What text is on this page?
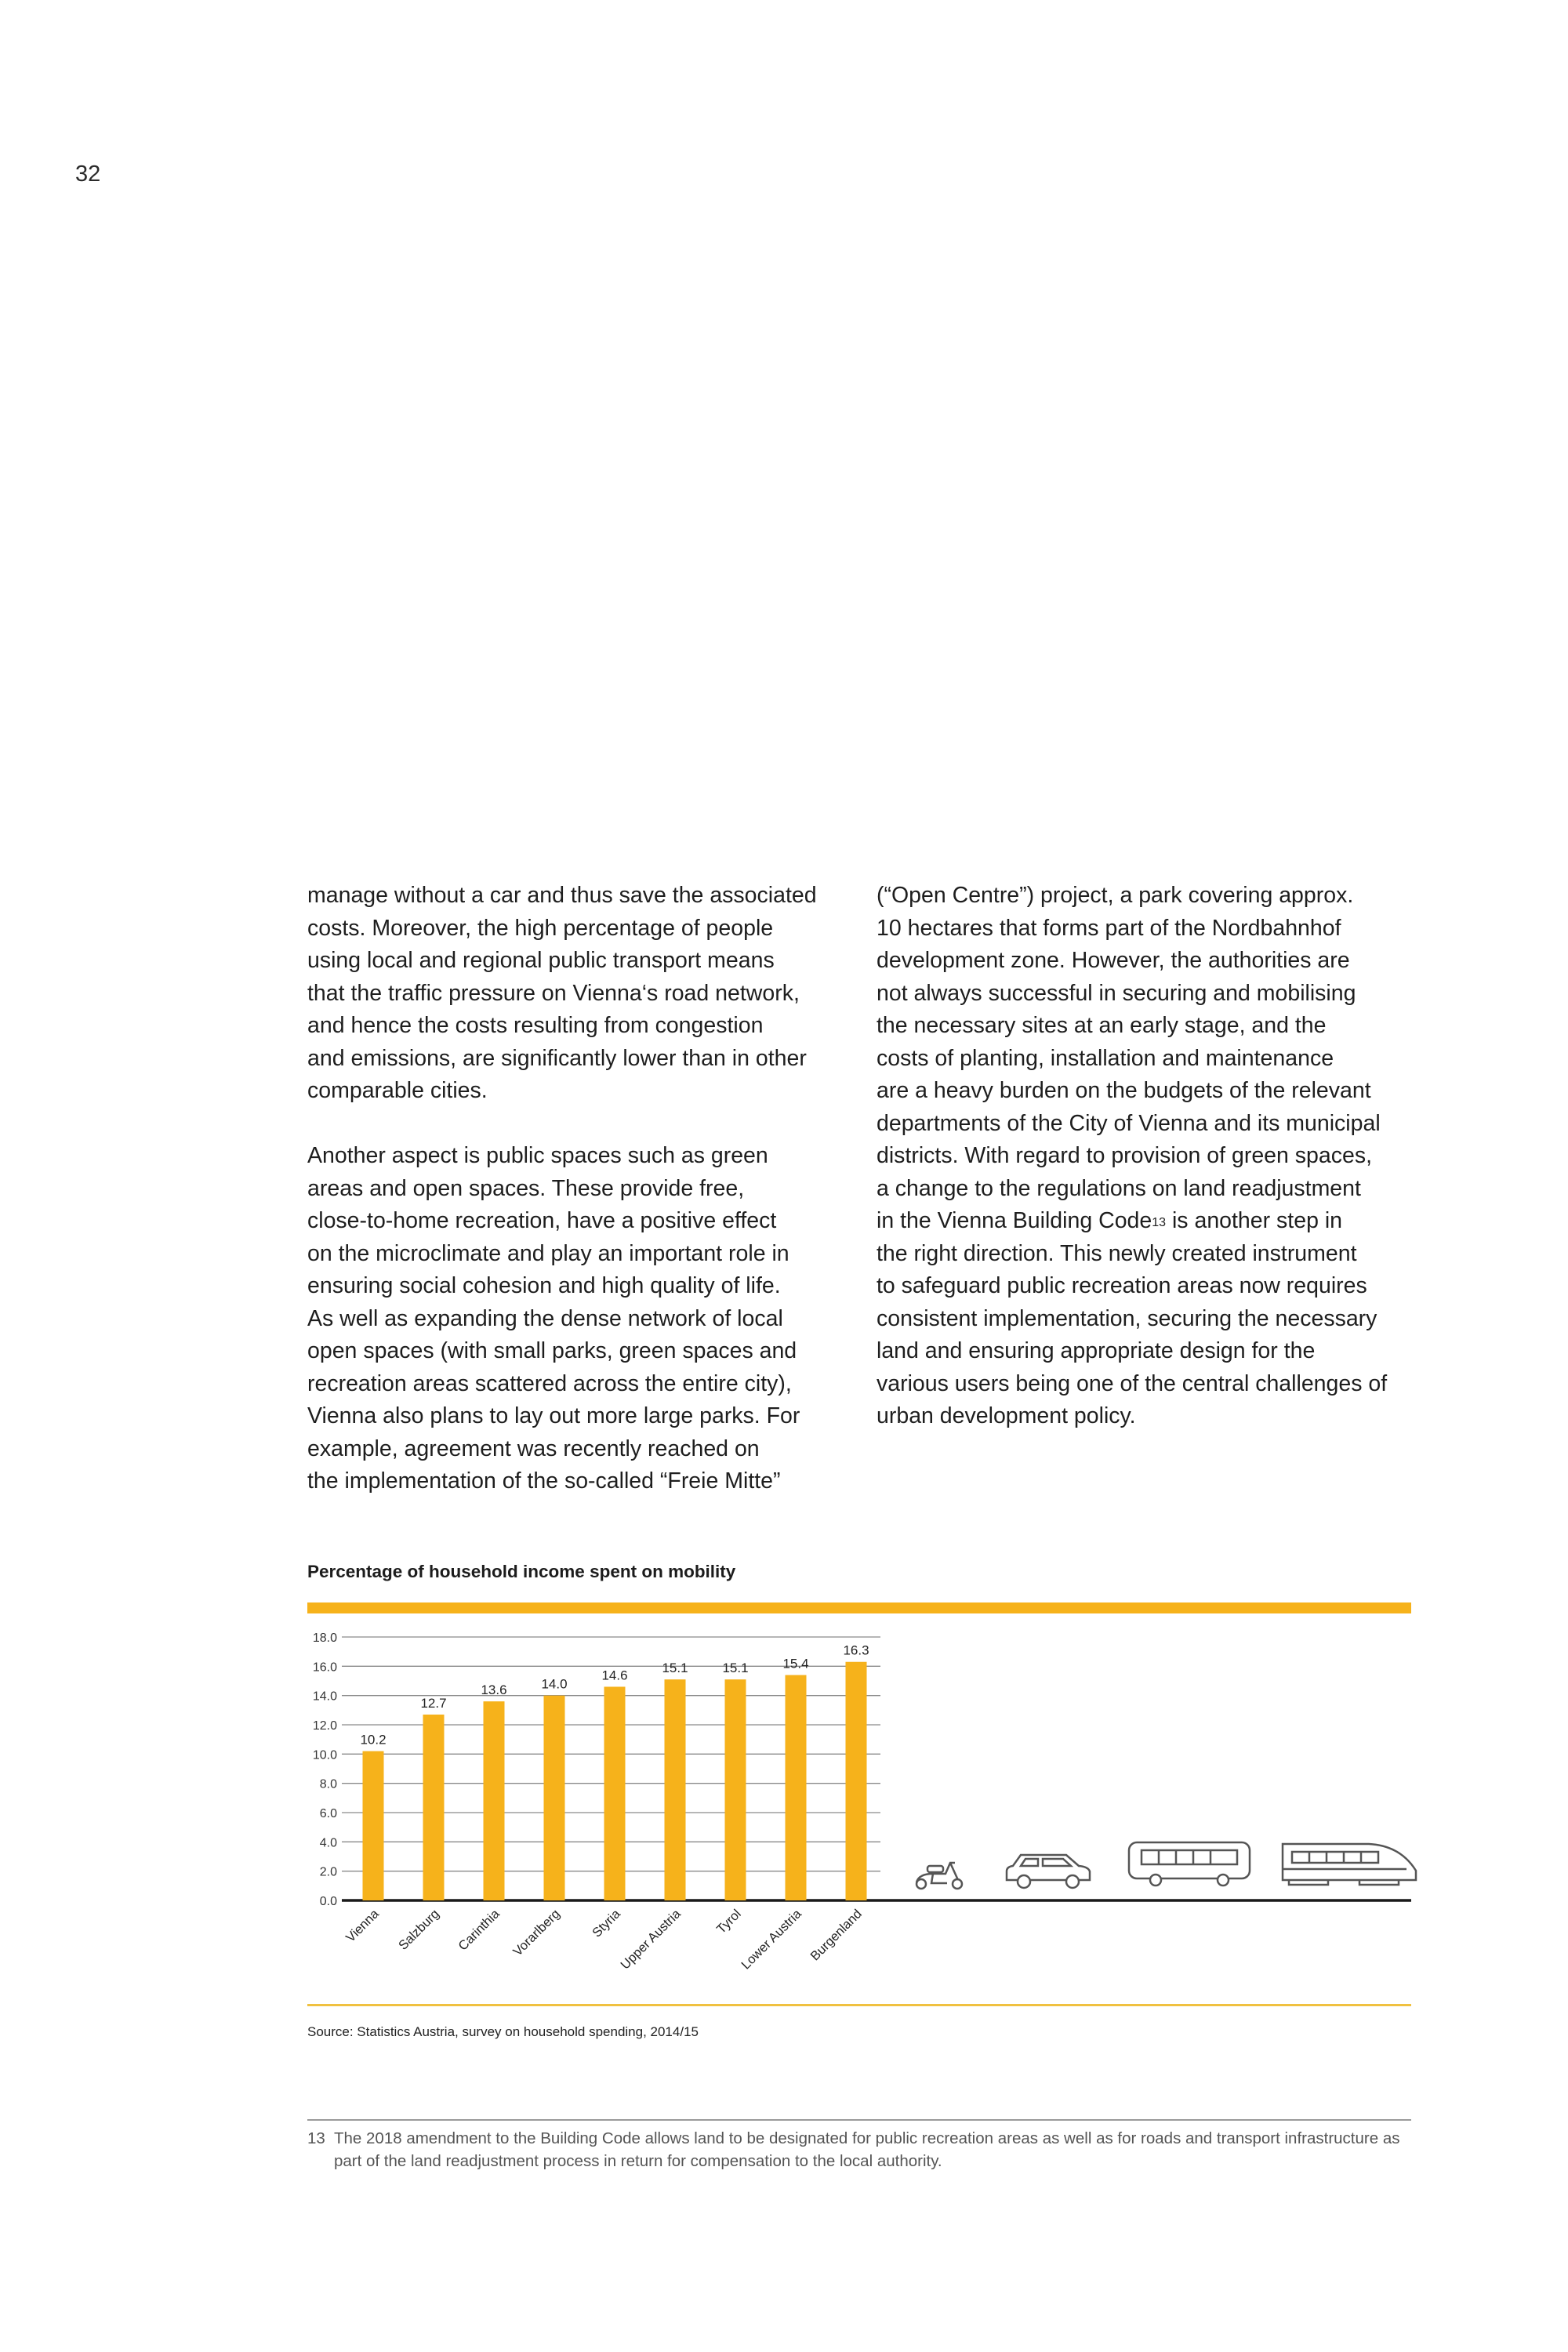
32

manage without a car and thus save the associated
costs. Moreover, the high percentage of people
using local and regional public transport means
that the traffic pressure on Vienna‘s road network,
and hence the costs resulting from congestion
and emissions, are significantly lower than in other
comparable cities.

Another aspect is public spaces such as green
areas and open spaces. These provide free,
close-to-home recreation, have a positive effect
on the microclimate and play an important role in
ensuring social cohesion and high quality of life.
As well as expanding the dense network of local
open spaces (with small parks, green spaces and
recreation areas scattered across the entire city),
Vienna also plans to lay out more large parks. For
example, agreement was recently reached on
the implementation of the so-called “Freie Mitte”

(“Open Centre”) project, a park covering approx.
10 hectares that forms part of the Nordbahnhof
development zone. However, the authorities are
not always successful in securing and mobilising
the necessary sites at an early stage, and the
costs of planting, installation and maintenance
are a heavy burden on the budgets of the relevant
departments of the City of Vienna and its municipal
districts. With regard to provision of green spaces,
a change to the regulations on land readjustment
in the Vienna Building Code$^{13}$ is another step in
the right direction. This newly created instrument
to safeguard public recreation areas now requires
consistent implementation, securing the necessary
land and ensuring appropriate design for the
various users being one of the central challenges of
urban development policy.

Percentage of household income spent on mobility
0.0
2.0
4.0
6.0
8.0
10.0
12.0
14.0
16.0
18.0
10.2
Vienna
12.7
Salzburg
13.6
Carinthia
14.0
Vorarlberg
14.6
Styria
15.1
Upper Austria
15.1
Tyrol
15.4
Lower Austria
16.3
Burgenland
Source: Statistics Austria, survey on household spending, 2014/15
13 The 2018 amendment to the Building Code allows land to be designated for public recreation areas as well as for roads and transport infrastructure as part of the land readjustment process in return for compensation to the local authority.
